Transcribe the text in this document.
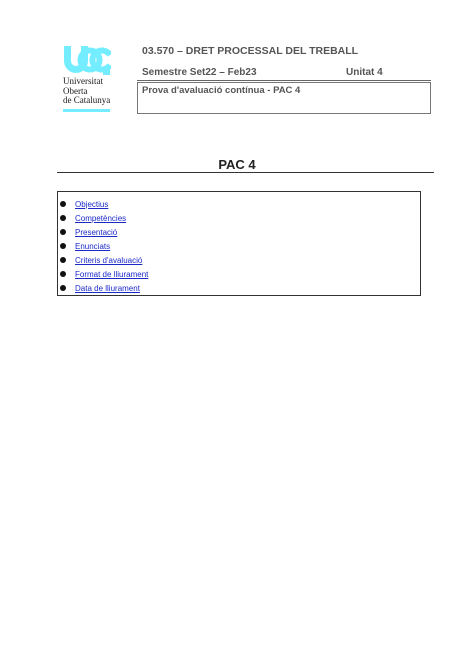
Universitat
Oberta
de Catalunya
03.570 – DRET PROCESSAL DEL TREBALL
Semestre Set22 – Feb23	Unitat 4
Prova d'avaluació contínua - PAC 4
PAC 4
Objectius
Competències
Presentació
Enunciats
Criteris d'avaluació
Format de lliurament
Data de lliurament
